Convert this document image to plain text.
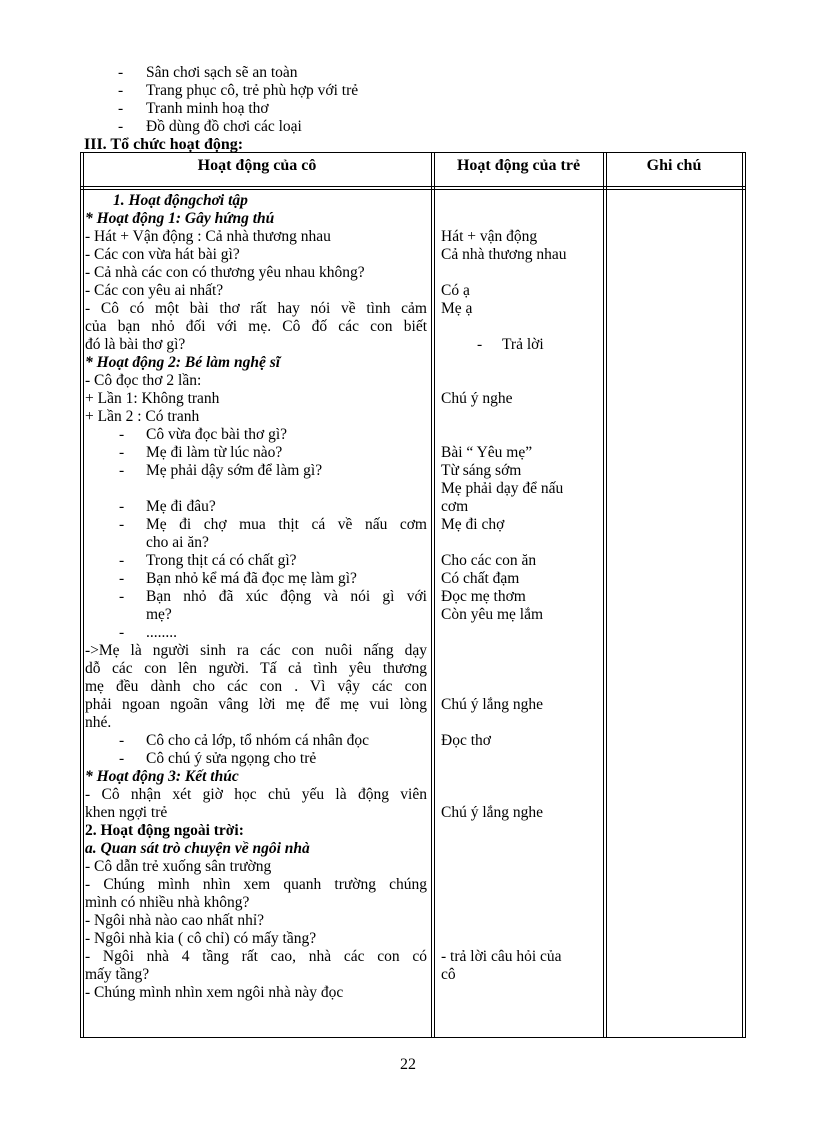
- Sân chơi sạch sẽ an toàn
- Trang phục cô, trẻ phù hợp với trẻ
- Tranh minh hoạ thơ
- Đồ dùng đồ chơi các loại
III. Tổ chức hoạt động:
Hoạt động của cô	Hoạt động của trẻ	Ghi chú
1. Hoạt độngchơi tập
* Hoạt động 1: Gây hứng thú
- Hát + Vận động : Cả nhà thương nhau
- Các con vừa hát bài gì?
- Cả nhà các con có thương yêu nhau không?
- Các con yêu ai nhất?
- Cô có một bài thơ rất hay nói về tình cảm
của bạn nhỏ đối với mẹ. Cô đố các con biết
đó là bài thơ gì?
* Hoạt động 2: Bé làm nghệ sĩ
- Cô đọc thơ 2 lần:
+ Lần 1: Không tranh
+ Lần 2 : Có tranh
- Cô vừa đọc bài thơ gì?
- Mẹ đi làm từ lúc nào?
- Mẹ phải dậy sớm để làm gì?
- Mẹ đi đâu?
- Mẹ đi chợ mua thịt cá về nấu cơm
cho ai ăn?
- Trong thịt cá có chất gì?
- Bạn nhỏ kể má đã đọc mẹ làm gì?
- Bạn nhỏ đã xúc động và nói gì với
mẹ?
- ........
->Mẹ là người sinh ra các con nuôi nấng dạy
dỗ các con lên người. Tấ cả tình yêu thương
mẹ đều dành cho các con . Vì vậy các con
phải ngoan ngoãn vâng lời mẹ để mẹ vui lòng
nhé.
- Cô cho cả lớp, tổ nhóm cá nhân đọc
- Cô chú ý sửa ngọng cho trẻ
* Hoạt động 3: Kết thúc
- Cô nhận xét giờ học chủ yếu là động viên
khen ngợi trẻ
2. Hoạt động ngoài trời:
a. Quan sát trò chuyện về ngôi nhà
- Cô dẫn trẻ xuống sân trường
- Chúng mình nhìn xem quanh trường chúng
mình có nhiều nhà không?
- Ngôi nhà nào cao nhất nhỉ?
- Ngôi nhà kia ( cô chỉ) có mấy tầng?
- Ngôi nhà 4 tầng rất cao, nhà các con có
mấy tầng?
- Chúng mình nhìn xem ngôi nhà này đọc
Hát + vận động
Cả nhà thương nhau
Có ạ
Mẹ ạ
- Trả lời
Chú ý nghe
Bài “ Yêu mẹ”
Từ sáng sớm
Mẹ phải dạy để nấu
cơm
Mẹ đi chợ
Cho các con ăn
Có chất đạm
Đọc mẹ thơm
Còn yêu mẹ lắm
Chú ý lắng nghe
Đọc thơ
Chú ý lắng nghe
- trả lời câu hỏi của
cô
22
